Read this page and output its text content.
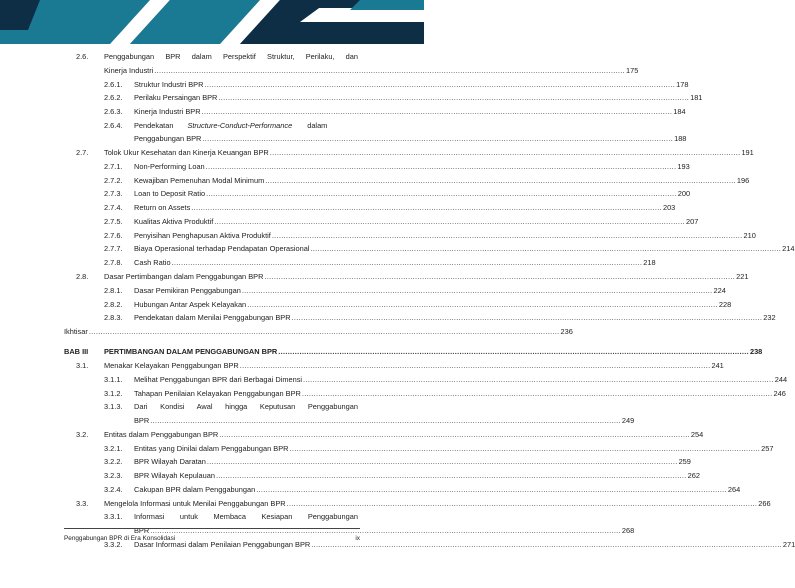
2.6. Penggabungan BPR dalam Perspektif Struktur, Perilaku, dan
Kinerja Industri .....	175
2.6.1. Struktur Industri BPR .....	178
2.6.2. Perilaku Persaingan BPR .....	181
2.6.3. Kinerja Industri BPR .....	184
2.6.4. Pendekatan Structure-Conduct-Performance dalam
Penggabungan BPR .....	188
2.7. Tolok Ukur Kesehatan dan Kinerja Keuangan BPR .....	191
2.7.1. Non-Performing Loan .....	193
2.7.2. Kewajiban Pemenuhan Modal Minimum .....	196
2.7.3. Loan to Deposit Ratio .....	200
2.7.4. Return on Assets .....	203
2.7.5. Kualitas Aktiva Produktif .....	207
2.7.6. Penyisihan Penghapusan Aktiva Produktif .....	210
2.7.7. Biaya Operasional terhadap Pendapatan Operasional .....	214
2.7.8. Cash Ratio .....	218
2.8. Dasar Pertimbangan dalam Penggabungan BPR .....	221
2.8.1. Dasar Pemikiran Penggabungan .....	224
2.8.2. Hubungan Antar Aspek Kelayakan .....	228
2.8.3. Pendekatan dalam Menilai Penggabungan BPR .....	232
Ikhtisar .....	236
BAB III PERTIMBANGAN DALAM PENGGABUNGAN BPR .....	238
3.1. Menakar Kelayakan Penggabungan BPR .....	241
3.1.1. Melihat Penggabungan BPR dari Berbagai Dimensi .....	244
3.1.2. Tahapan Penilaian Kelayakan Penggabungan BPR .....	246
3.1.3. Dari Kondisi Awal hingga Keputusan Penggabungan
BPR .....	249
3.2. Entitas dalam Penggabungan BPR .....	254
3.2.1. Entitas yang Dinilai dalam Penggabungan BPR .....	257
3.2.2. BPR Wilayah Daratan .....	259
3.2.3. BPR Wilayah Kepulauan .....	262
3.2.4. Cakupan BPR dalam Penggabungan .....	264
3.3. Mengelola Informasi untuk Menilai Penggabungan BPR .....	266
3.3.1. Informasi untuk Membaca Kesiapan Penggabungan
BPR .....	268
3.3.2. Dasar Informasi dalam Penilaian Penggabungan BPR .....	271
Penggabungan BPR di Era Konsolidasi	ix
